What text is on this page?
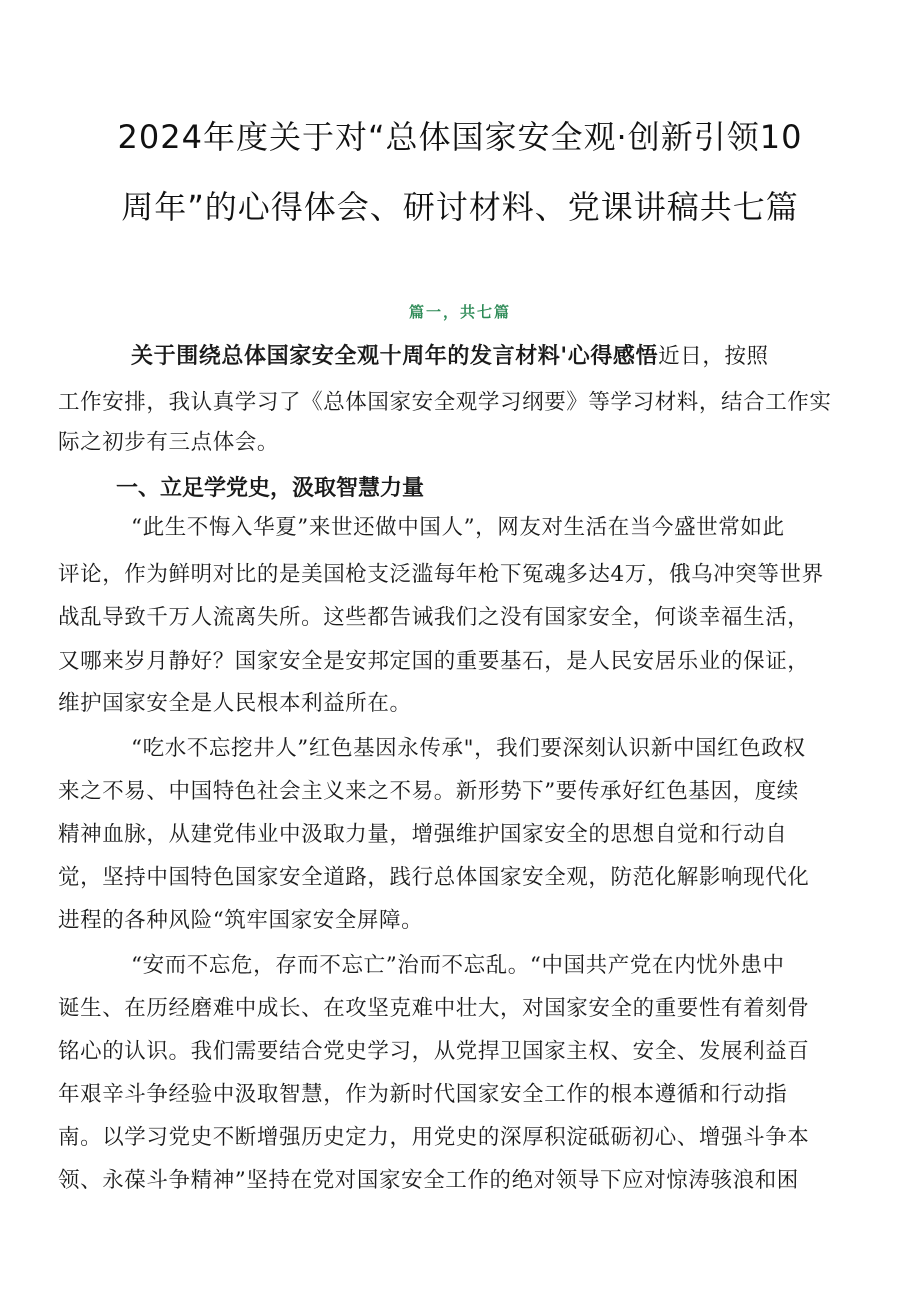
2024年度关于对“总体国家安全观·创新引领10
周年”的心得体会、研讨材料、党课讲稿共七篇
篇一，共七篇
关于围绕总体国家安全观十周年的发言材料'心得感悟近日，按照
工作安排，我认真学习了《总体国家安全观学习纲要》等学习材料，结合工作实
际之初步有三点体会。
一、立足学党史，汲取智慧力量
“此生不悔入华夏”来世还做中国人”，网友对生活在当今盛世常如此
评论，作为鲜明对比的是美国枪支泛滥每年枪下冤魂多达4万，俄乌冲突等世界
战乱导致千万人流离失所。这些都告诫我们之没有国家安全，何谈幸福生活，
又哪来岁月静好？国家安全是安邦定国的重要基石，是人民安居乐业的保证，
维护国家安全是人民根本利益所在。
“吃水不忘挖井人”红色基因永传承"，我们要深刻认识新中国红色政权
来之不易、中国特色社会主义来之不易。新形势下”要传承好红色基因，度续
精神血脉，从建党伟业中汲取力量，增强维护国家安全的思想自觉和行动自
觉，坚持中国特色国家安全道路，践行总体国家安全观，防范化解影响现代化
进程的各种风险“筑牢国家安全屏障。
“安而不忘危，存而不忘亡”治而不忘乱。“中国共产党在内忧外患中
诞生、在历经磨难中成长、在攻坚克难中壮大，对国家安全的重要性有着刻骨
铭心的认识。我们需要结合党史学习，从党捍卫国家主权、安全、发展利益百
年艰辛斗争经验中汲取智慧，作为新时代国家安全工作的根本遵循和行动指
南。以学习党史不断增强历史定力，用党史的深厚积淀砥砺初心、增强斗争本
领、永葆斗争精神”坚持在党对国家安全工作的绝对领导下应对惊涛骇浪和困
